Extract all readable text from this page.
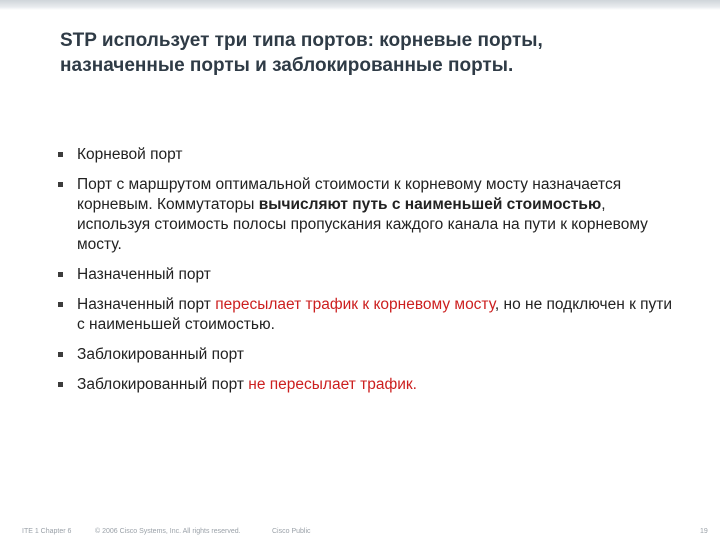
STP использует три типа портов: корневые порты,
назначенные порты и заблокированные порты.
Корневой порт
Порт с маршрутом оптимальной стоимости к корневому мосту назначается корневым. Коммутаторы вычисляют путь с наименьшей стоимостью, используя стоимость полосы пропускания каждого канала на пути к корневому мосту.
Назначенный порт
Назначенный порт пересылает трафик к корневому мосту, но не подключен к пути с наименьшей стоимостью.
Заблокированный порт
Заблокированный порт не пересылает трафик.
ITE 1 Chapter 6	© 2006 Cisco Systems, Inc. All rights reserved.	Cisco Public	19
